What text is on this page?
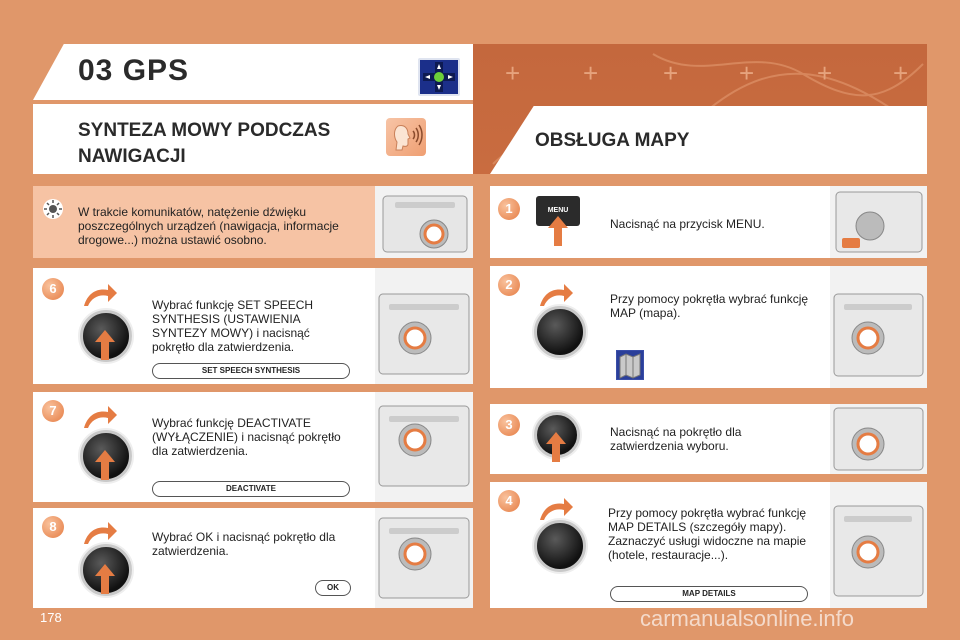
+ + + + + +
03 GPS
SYNTEZA MOWY PODCZAS
NAWIGACJI
OBSŁUGA MAPY
W trakcie komunikatów, natężenie dźwięku poszczególnych urządzeń (nawigacja, informacje drogowe...) można ustawić osobno.
6
Wybrać funkcję SET SPEECH SYNTHESIS (USTAWIENIA SYNTEZY MOWY) i nacisnąć pokrętło dla zatwierdzenia.
SET SPEECH SYNTHESIS
7
Wybrać funkcję DEACTIVATE (WYŁĄCZENIE) i nacisnąć pokrętło dla zatwierdzenia.
DEACTIVATE
8
Wybrać OK i nacisnąć pokrętło dla zatwierdzenia.
OK
1	MENU
Nacisnąć na przycisk MENU.
2
Przy pomocy pokrętła wybrać funkcję MAP (mapa).
3	Nacisnąć na pokrętło dla zatwierdzenia wyboru.
4
Przy pomocy pokrętła wybrać funkcję MAP DETAILS (szczegóły mapy). Zaznaczyć usługi widoczne na mapie (hotele, restauracje...).
MAP DETAILS
178	carmanualsonline.info
